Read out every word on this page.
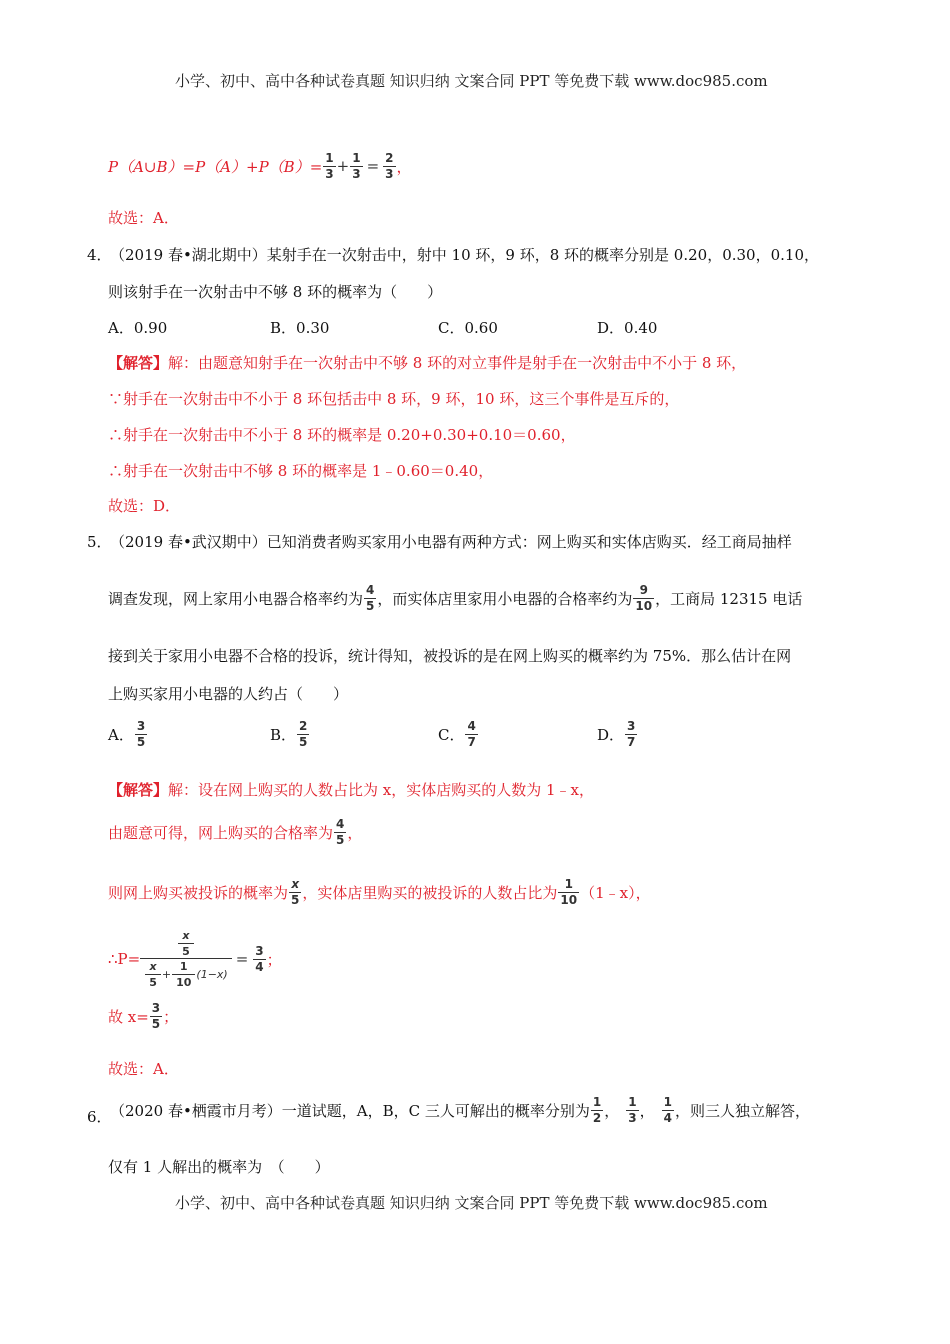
小学、初中、高中各种试卷真题 知识归纳 文案合同 PPT 等免费下载 www.doc985.com
P（A∪B）=P（A）+P（B）= $\frac{1}{3} + \frac{1}{3} = \frac{2}{3}$ ，
故选：A．
4．
（2019 春•湖北期中）某射手在一次射击中，射中 10 环，9 环，8 环的概率分别是 0.20，0.30，0.10，
则该射手在一次射击中不够 8 环的概率为（　　）
A．0.90	B．0.30	C．0.60	D．0.40
【解答】解：由题意知射手在一次射击中不够 8 环的对立事件是射手在一次射击中不小于 8 环，
∵射手在一次射击中不小于 8 环包括击中 8 环，9 环，10 环，这三个事件是互斥的，
∴射手在一次射击中不小于 8 环的概率是 0.20+0.30+0.10＝0.60，
∴射手在一次射击中不够 8 环的概率是 1﹣0.60＝0.40，
故选：D．
5．
（2019 春•武汉期中）已知消费者购买家用小电器有两种方式：网上购买和实体店购买．经工商局抽样
调查发现，网上家用小电器合格率约为 $\frac{4}{5}$ ，而实体店里家用小电器的合格率约为 $\frac{9}{10}$ ，工商局 12315 电话
接到关于家用小电器不合格的投诉，统计得知，被投诉的是在网上购买的概率约为 75%．那么估计在网
上购买家用小电器的人约占（　　）
A． $\frac{3}{5}$	B． $\frac{2}{5}$	C． $\frac{4}{7}$	D． $\frac{3}{7}$
【解答】解：设在网上购买的人数占比为 x，实体店购买的人数为 1﹣x，
由题意可得，网上购买的合格率为 $\frac{4}{5}$ ，
则网上购买被投诉的概率为 $\frac{x}{5}$ ，实体店里购买的被投诉的人数占比为 $\frac{1}{10}$ （1﹣x），
∴P= $\frac{\frac{x}{5}}{\frac{x}{5} + \frac{1}{10} (1-x)} = \frac{3}{4}$ ；
故 $x= \frac{3}{5}$ ；
故选：A．
6．
（2020 春•栖霞市月考）一道试题，A，B，C 三人可解出的概率分别为 $\frac{1}{2}$ ， $\frac{1}{3}$ ， $\frac{1}{4}$ ，则三人独立解答，
仅有 1 人解出的概率为　（　　）
小学、初中、高中各种试卷真题 知识归纳 文案合同 PPT 等免费下载 www.doc985.com
